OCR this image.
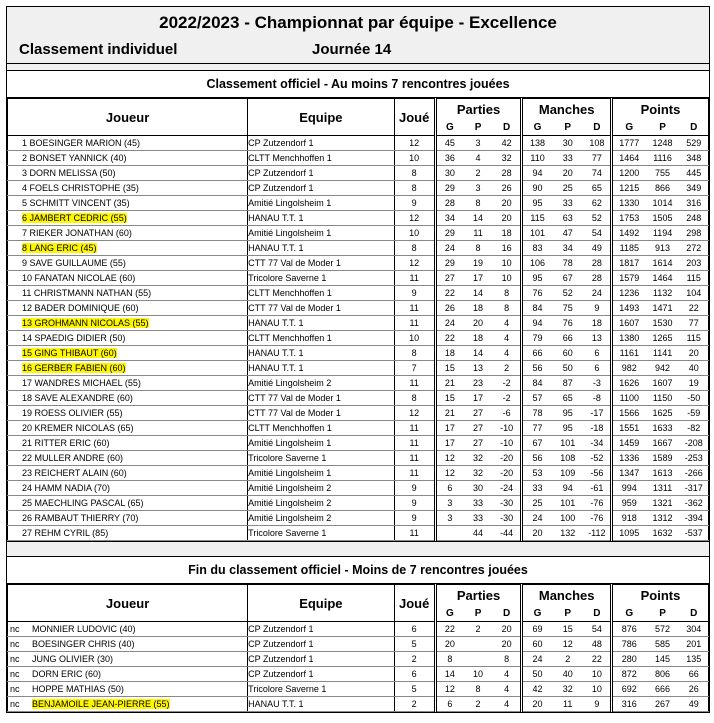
2022/2023 - Championnat par équipe - Excellence
Classement individuel	Journée 14
Classement officiel - Au moins 7 rencontres jouées
Joueur	Equipe	Joué	Parties			Manches			Points		
			G	P	D	G	P	D	G	P	D
1 BOESINGER MARION (45)	CP Zutzendorf 1	12	45	3	42	138	30	108	1777	1248	529
2 BONSET YANNICK (40)	CLTT Menchhoffen 1	10	36	4	32	110	33	77	1464	1116	348
3 DORN MELISSA (50)	CP Zutzendorf 1	8	30	2	28	94	20	74	1200	755	445
4 FOELS CHRISTOPHE (35)	CP Zutzendorf 1	8	29	3	26	90	25	65	1215	866	349
5 SCHMITT VINCENT (35)	Amitié Lingolsheim 1	9	28	8	20	95	33	62	1330	1014	316
6 JAMBERT CEDRIC (55)	HANAU T.T. 1	12	34	14	20	115	63	52	1753	1505	248
7 RIEKER JONATHAN (60)	Amitié Lingolsheim 1	10	29	11	18	101	47	54	1492	1194	298
8 LANG ERIC (45)	HANAU T.T. 1	8	24	8	16	83	34	49	1185	913	272
9 SAVE GUILLAUME (55)	CTT 77 Val de Moder 1	12	29	19	10	106	78	28	1817	1614	203
10 FANATAN NICOLAE (60)	Tricolore Saverne 1	11	27	17	10	95	67	28	1579	1464	115
11 CHRISTMANN NATHAN (55)	CLTT Menchhoffen 1	9	22	14	8	76	52	24	1236	1132	104
12 BADER DOMINIQUE (60)	CTT 77 Val de Moder 1	11	26	18	8	84	75	9	1493	1471	22
13 GROHMANN NICOLAS (55)	HANAU T.T. 1	11	24	20	4	94	76	18	1607	1530	77
14 SPAEDIG DIDIER (50)	CLTT Menchhoffen 1	10	22	18	4	79	66	13	1380	1265	115
15 GING THIBAUT (60)	HANAU T.T. 1	8	18	14	4	66	60	6	1161	1141	20
16 GERBER FABIEN (60)	HANAU T.T. 1	7	15	13	2	56	50	6	982	942	40
17 WANDRES MICHAEL (55)	Amitié Lingolsheim 2	11	21	23	-2	84	87	-3	1626	1607	19
18 SAVE ALEXANDRE (60)	CTT 77 Val de Moder 1	8	15	17	-2	57	65	-8	1100	1150	-50
19 ROESS OLIVIER (55)	CTT 77 Val de Moder 1	12	21	27	-6	78	95	-17	1566	1625	-59
20 KREMER NICOLAS (65)	CLTT Menchhoffen 1	11	17	27	-10	77	95	-18	1551	1633	-82
21 RITTER ERIC (60)	Amitié Lingolsheim 1	11	17	27	-10	67	101	-34	1459	1667	-208
22 MULLER ANDRE (60)	Tricolore Saverne 1	11	12	32	-20	56	108	-52	1336	1589	-253
23 REICHERT ALAIN (60)	Amitié Lingolsheim 1	11	12	32	-20	53	109	-56	1347	1613	-266
24 HAMM NADIA (70)	Amitié Lingolsheim 2	9	6	30	-24	33	94	-61	994	1311	-317
25 MAECHLING PASCAL (65)	Amitié Lingolsheim 2	9	3	33	-30	25	101	-76	959	1321	-362
26 RAMBAUT THIERRY (70)	Amitié Lingolsheim 2	9	3	33	-30	24	100	-76	918	1312	-394
27 REHM CYRIL (85)	Tricolore Saverne 1	11		44	-44	20	132	-112	1095	1632	-537
Fin du classement officiel - Moins de 7 rencontres jouées
Joueur	Equipe	Joué	Parties			Manches			Points		
			G	P	D	G	P	D	G	P	D
nc MONNIER LUDOVIC (40)	CP Zutzendorf 1	6	22	2	20	69	15	54	876	572	304
nc BOESINGER CHRIS (40)	CP Zutzendorf 1	5	20		20	60	12	48	786	585	201
nc JUNG OLIVIER (30)	CP Zutzendorf 1	2	8		8	24	2	22	280	145	135
nc DORN ERIC (60)	CP Zutzendorf 1	6	14	10	4	50	40	10	872	806	66
nc HOPPE MATHIAS (50)	Tricolore Saverne 1	5	12	8	4	42	32	10	692	666	26
nc BENJAMOILE JEAN-PIERRE (55)	HANAU T.T. 1	2	6	2	4	20	11	9	316	267	49
